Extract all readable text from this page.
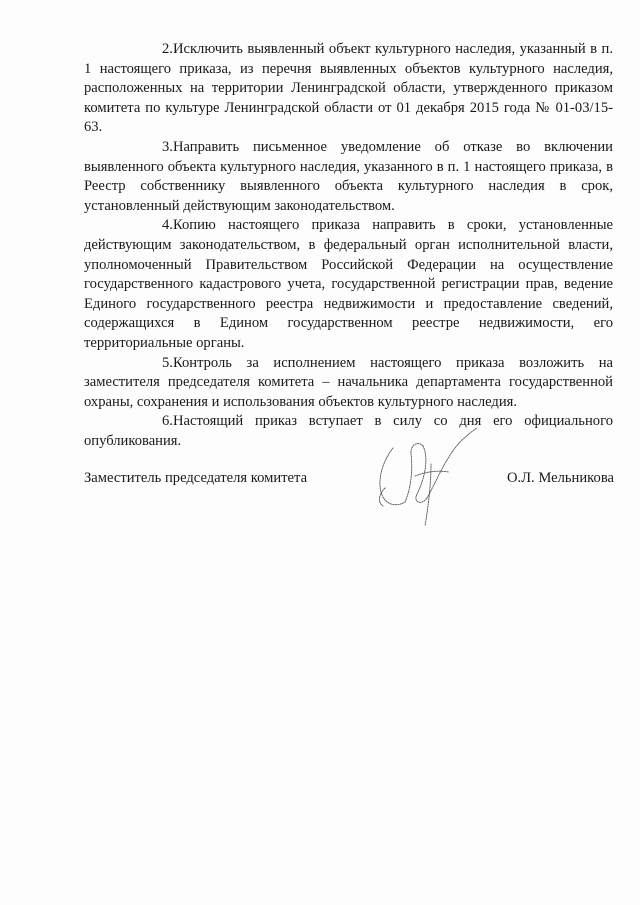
2.Исключить выявленный объект культурного наследия, указанный в п. 1 настоящего приказа, из перечня выявленных объектов культурного наследия, расположенных на территории Ленинградской области, утвержденного приказом комитета по культуре Ленинградской области от 01 декабря 2015 года № 01-03/15-63.

3.Направить письменное уведомление об отказе во включении выявленного объекта культурного наследия, указанного в п. 1 настоящего приказа, в Реестр собственнику выявленного объекта культурного наследия в срок, установленный действующим законодательством.

4.Копию настоящего приказа направить в сроки, установленные действующим законодательством, в федеральный орган исполнительной власти, уполномоченный Правительством Российской Федерации на осуществление государственного кадастрового учета, государственной регистрации прав, ведение Единого государственного реестра недвижимости и предоставление сведений, содержащихся в Едином государственном реестре недвижимости, его территориальные органы.

5.Контроль за исполнением настоящего приказа возложить на заместителя председателя комитета – начальника департамента государственной охраны, сохранения и использования объектов культурного наследия.

6.Настоящий приказ вступает в силу со дня его официального опубликования.

Заместитель председателя комитета	О.Л. Мельникова
